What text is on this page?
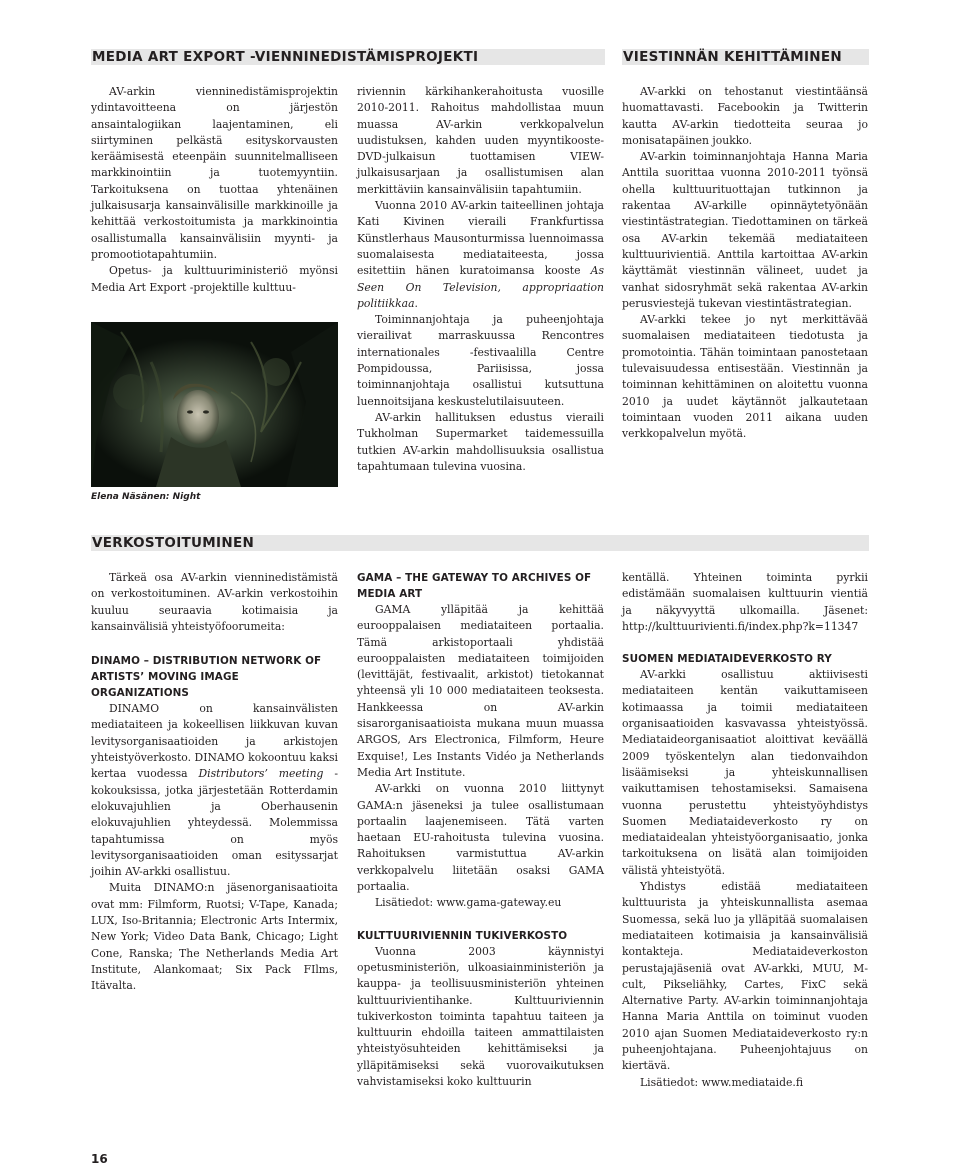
MEDIA ART EXPORT -VIENNINEDISTÄMISPROJEKTI	VIESTINNÄN KEHITTÄMINEN
VERKOSTOITUMINEN

AV-arkin vienninedistämisprojektin ydintavoitteena on järjestön ansaintalogiikan laajentaminen, eli siirtyminen pelkästä esityskorvausten keräämisestä eteenpäin suunnitelmalliseen markkinointiin ja tuotemyyntiin. Tarkoituksena on tuottaa yhtenäinen julkaisusarja kansainvälisille markkinoille ja kehittää verkostoitumista ja markkinointia osallistumalla kansainvälisiin myynti- ja promootiotapahtumiin.

Opetus- ja kulttuuriministeriö myönsi Media Art Export -projektille kulttuu-

Elena Näsänen: Night

riviennin kärkihankerahoitusta vuosille 2010-2011. Rahoitus mahdollistaa muun muassa AV-arkin verkkopalvelun uudistuksen, kahden uuden myyntikooste-DVD-julkaisun tuottamisen VIEW-julkaisusarjaan ja osallistumisen alan merkittäviin kansainvälisiin tapahtumiin.

Vuonna 2010 AV-arkin taiteellinen johtaja Kati Kivinen vieraili Frankfurtissa Künstlerhaus Mausonturmissa luennoimassa suomalaisesta mediataiteesta, jossa esitettiin hänen kuratoimansa kooste As Seen On Television, appropriaation politiikkaa.

Toiminnanjohtaja ja puheenjohtaja vierailivat marraskuussa Rencontres internationales -festivaalilla Centre Pompidoussa, Pariisissa, jossa toiminnanjohtaja osallistui kutsuttuna luennoitsijana keskustelutilaisuuteen.

AV-arkin hallituksen edustus vieraili Tukholman Supermarket taidemessuilla tutkien AV-arkin mahdollisuuksia osallistua tapahtumaan tulevina vuosina.

AV-arkki on tehostanut viestintäänsä huomattavasti. Facebookin ja Twitterin kautta AV-arkin tiedotteita seuraa jo monisatapäinen joukko.

AV-arkin toiminnanjohtaja Hanna Maria Anttila suorittaa vuonna 2010-2011 työnsä ohella kulttuurituottajan tutkinnon ja rakentaa AV-arkille opinnäytetyönään viestintästrategian. Tiedottaminen on tärkeä osa AV-arkin tekemää mediataiteen kulttuurivientiä. Anttila kartoittaa AV-arkin käyttämät viestinnän välineet, uudet ja vanhat sidosryhmät sekä rakentaa AV-arkin perusviestejä tukevan viestintästrategian.

AV-arkki tekee jo nyt merkittävää suomalaisen mediataiteen tiedotusta ja promotointia. Tähän toimintaan panostetaan tulevaisuudessa entisestään. Viestinnän ja toiminnan kehittäminen on aloitettu vuonna 2010 ja uudet käytännöt jalkautetaan toimintaan vuoden 2011 aikana uuden verkkopalvelun myötä.

Tärkeä osa AV-arkin vienninedistämistä on verkostoituminen. AV-arkin verkostoihin kuuluu seuraavia kotimaisia ja kansainvälisiä yhteistyöfoorumeita:

DINAMO – DISTRIBUTION NETWORK OF ARTISTS’ MOVING IMAGE ORGANIZATIONS

DINAMO on kansainvälisten mediataiteen ja kokeellisen liikkuvan kuvan levitysorganisaatioiden ja arkistojen yhteistyöverkosto. DINAMO kokoontuu kaksi kertaa vuodessa Distributors’ meeting -kokouksissa, jotka järjestetään Rotterdamin elokuvajuhlien ja Oberhausenin elokuvajuhlien yhteydessä. Molemmissa tapahtumissa on myös levitysorganisaatioiden oman esityssarjat joihin AV-arkki osallistuu.

Muita DINAMO:n jäsenorganisaatioita ovat mm: Filmform, Ruotsi; V-Tape, Kanada; LUX, Iso-Britannia; Electronic Arts Intermix, New York; Video Data Bank, Chicago; Light Cone, Ranska; The Netherlands Media Art Institute, Alankomaat; Six Pack FIlms, Itävalta.

GAMA – THE GATEWAY TO ARCHIVES OF MEDIA ART

GAMA ylläpitää ja kehittää eurooppalaisen mediataiteen portaalia. Tämä arkistoportaali yhdistää eurooppalaisten mediataiteen toimijoiden (levittäjät, festivaalit, arkistot) tietokannat yhteensä yli 10 000 mediataiteen teoksesta. Hankkeessa on AV-arkin sisarorganisaatioista mukana muun muassa ARGOS, Ars Electronica, Filmform, Heure Exquise!, Les Instants Vidéo ja Netherlands Media Art Institute.

AV-arkki on vuonna 2010 liittynyt GAMA:n jäseneksi ja tulee osallistumaan portaalin laajenemiseen. Tätä varten haetaan EU-rahoitusta tulevina vuosina. Rahoituksen varmistuttua AV-arkin verkkopalvelu liitetään osaksi GAMA portaalia.

Lisätiedot: www.gama-gateway.eu

KULTTUURIVIENNIN TUKIVERKOSTO

Vuonna 2003 käynnistyi opetusministeriön, ulkoasiainministeriön ja kauppa- ja teollisuusministeriön yhteinen kulttuurivientihanke. Kulttuuriviennin tukiverkoston toiminta tapahtuu taiteen ja kulttuurin ehdoilla taiteen ammattilaisten yhteistyösuhteiden kehittämiseksi ja ylläpitämiseksi sekä vuorovaikutuksen vahvistamiseksi koko kulttuurin

kentällä. Yhteinen toiminta pyrkii edistämään suomalaisen kulttuurin vientiä ja näkyvyyttä ulkomailla. Jäsenet: http://kulttuurivienti.fi/index.php?k=11347

SUOMEN MEDIATAIDEVERKOSTO RY

AV-arkki osallistuu aktiivisesti mediataiteen kentän vaikuttamiseen kotimaassa ja toimii mediataiteen organisaatioiden kasvavassa yhteistyössä. Mediataideorganisaatiot aloittivat keväällä 2009 työskentelyn alan tiedonvaihdon lisäämiseksi ja yhteiskunnallisen vaikuttamisen tehostamiseksi. Samaisena vuonna perustettu yhteistyöyhdistys Suomen Mediataideverkosto ry on mediataidealan yhteistyöorganisaatio, jonka tarkoituksena on lisätä alan toimijoiden välistä yhteistyötä.

Yhdistys edistää mediataiteen kulttuurista ja yhteiskunnallista asemaa Suomessa, sekä luo ja ylläpitää suomalaisen mediataiteen kotimaisia ja kansainvälisiä kontakteja. Mediataideverkoston perustajajäseniä ovat AV-arkki, MUU, M-cult, Pikseliähky, Cartes, FixC sekä Alternative Party. AV-arkin toiminnanjohtaja Hanna Maria Anttila on toiminut vuoden 2010 ajan Suomen Mediataideverkosto ry:n puheenjohtajana. Puheenjohtajuus on kiertävä.

Lisätiedot: www.mediataide.fi

16
